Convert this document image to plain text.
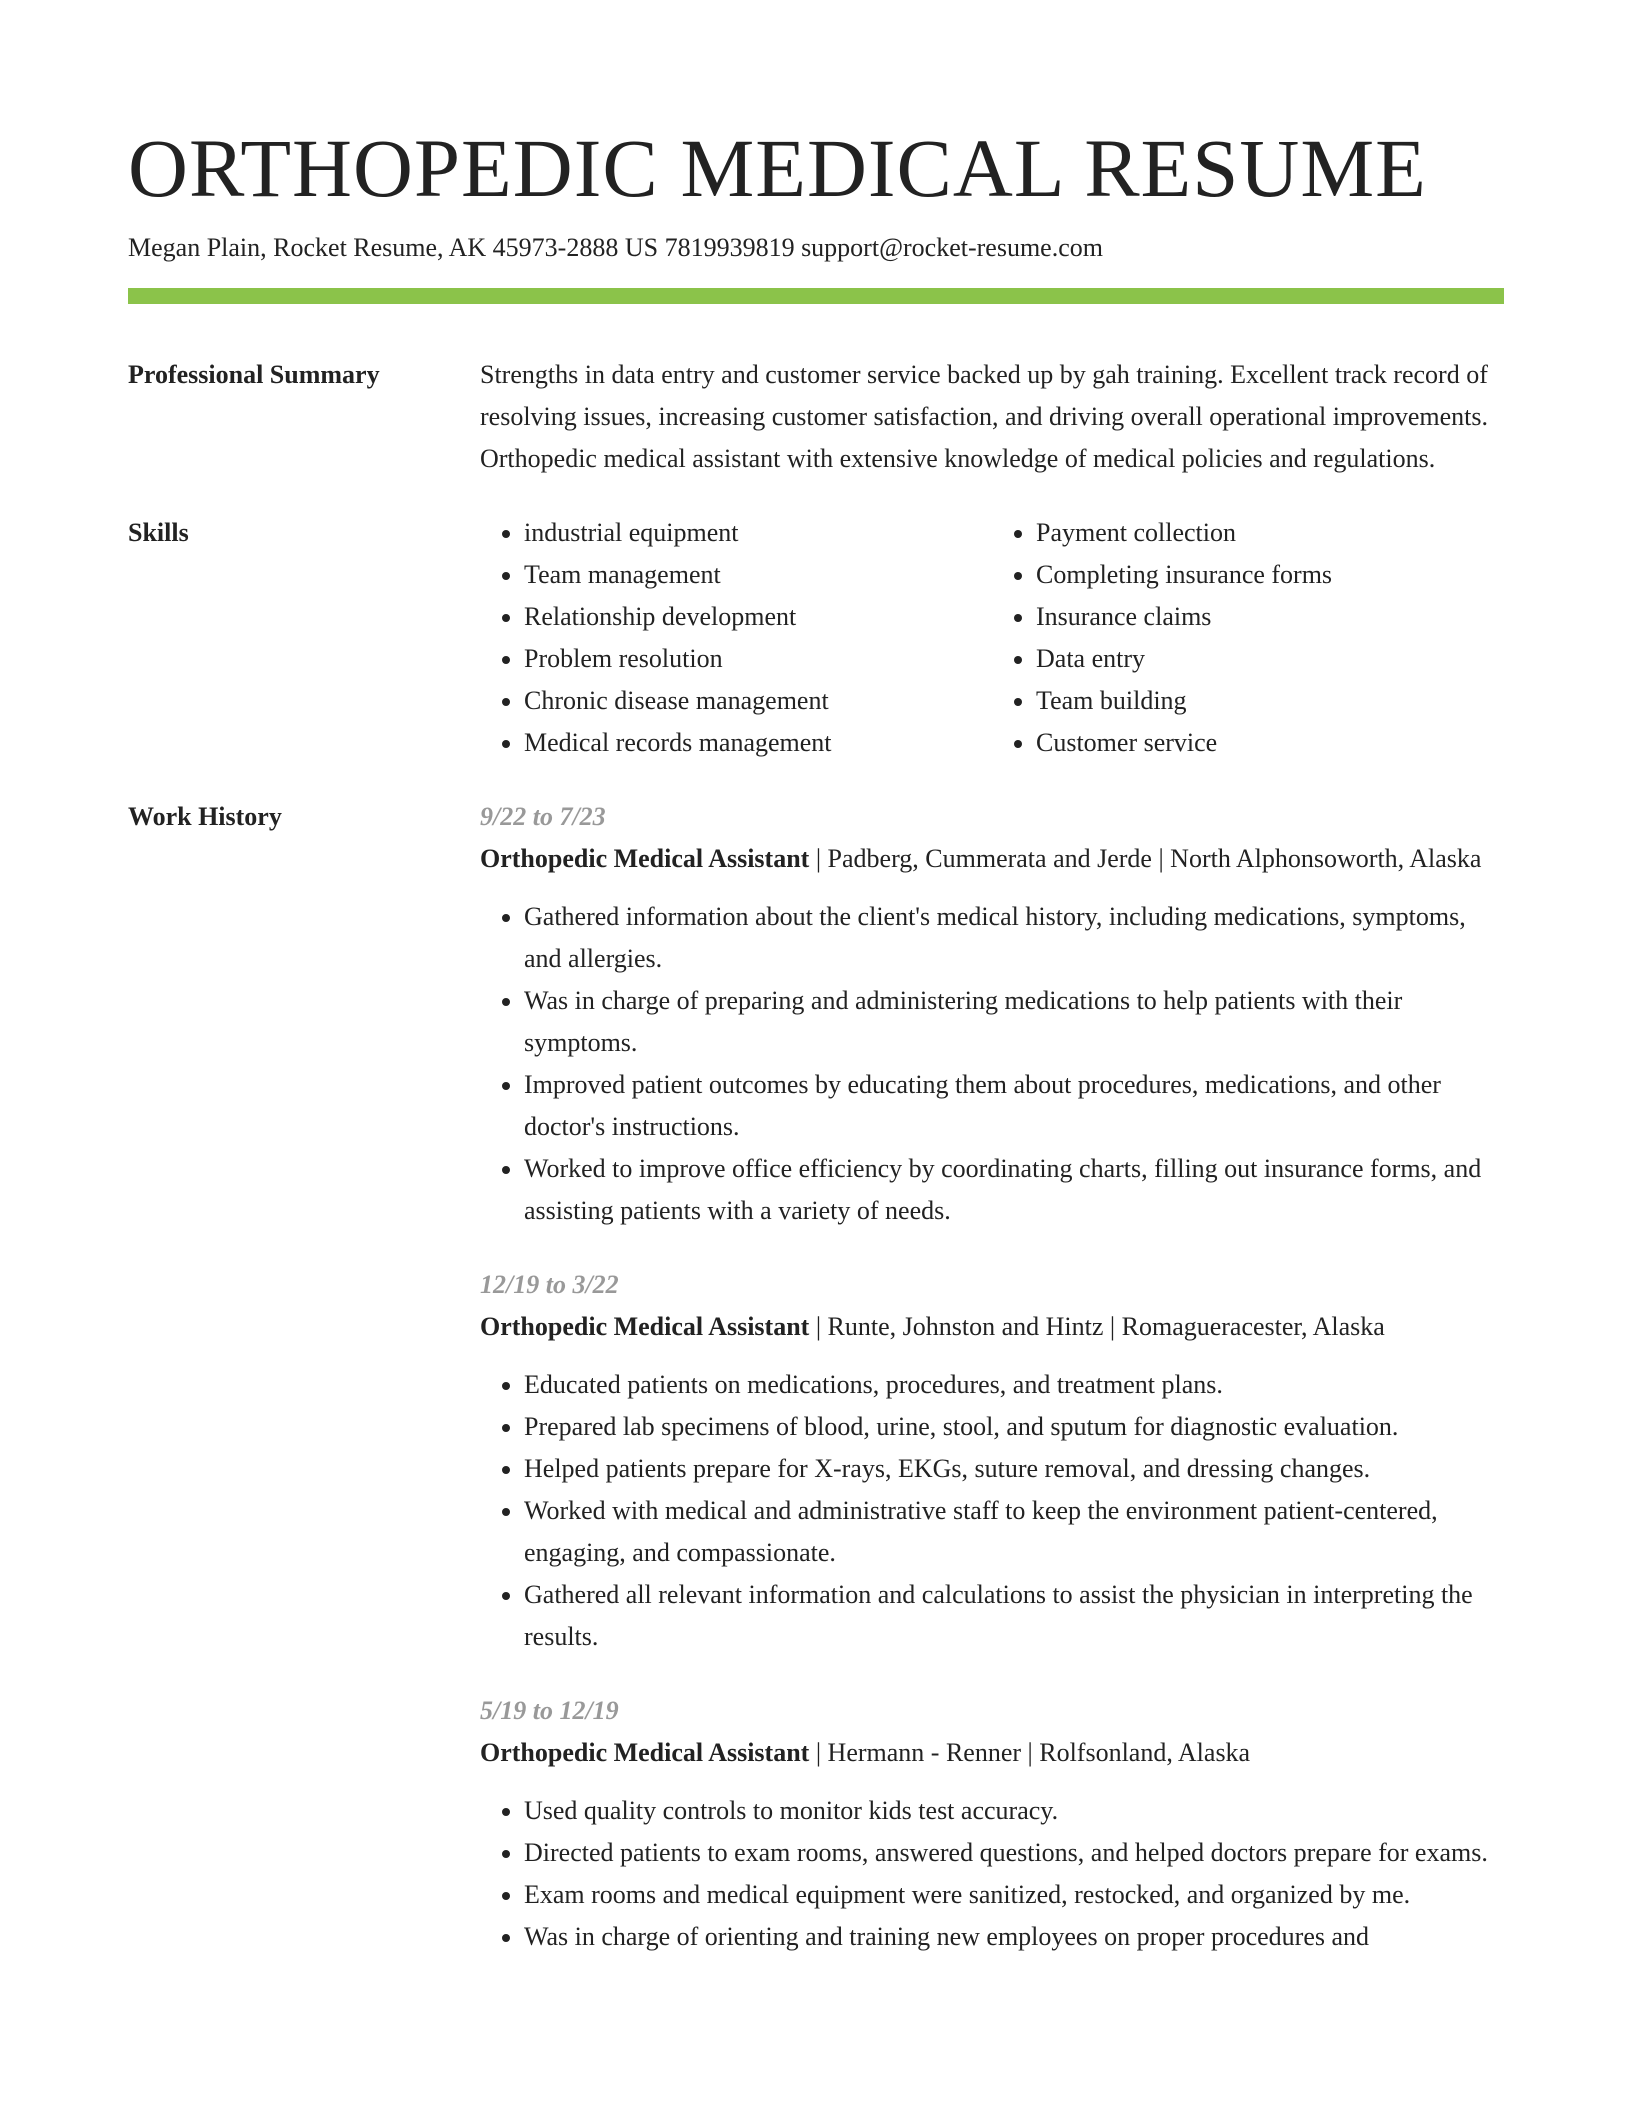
ORTHOPEDIC MEDICAL RESUME
Megan Plain, Rocket Resume, AK 45973-2888 US 7819939819 support@rocket-resume.com
Professional Summary	Strengths in data entry and customer service backed up by gah training. Excellent track record of resolving issues, increasing customer satisfaction, and driving overall operational improvements. Orthopedic medical assistant with extensive knowledge of medical policies and regulations.

Skills
•	industrial equipment
• Team management
• Relationship development
• Problem resolution
• Chronic disease management
• Medical records management
• Payment collection
• Completing insurance forms
• Insurance claims
• Data entry
• Team building
• Customer service
Work History	9/22 to 7/23
Orthopedic Medical Assistant | Padberg, Cummerata and Jerde | North Alphonsoworth, Alaska
• Gathered information about the client's medical history, including medications, symptoms, and allergies.
• Was in charge of preparing and administering medications to help patients with their symptoms.
• Improved patient outcomes by educating them about procedures, medications, and other doctor's instructions.
• Worked to improve office efficiency by coordinating charts, filling out insurance forms, and assisting patients with a variety of needs.
12/19 to 3/22
Orthopedic Medical Assistant | Runte, Johnston and Hintz | Romagueracester, Alaska
• Educated patients on medications, procedures, and treatment plans.
• Prepared lab specimens of blood, urine, stool, and sputum for diagnostic evaluation.
• Helped patients prepare for X-rays, EKGs, suture removal, and dressing changes.
• Worked with medical and administrative staff to keep the environment patient-centered, engaging, and compassionate.
• Gathered all relevant information and calculations to assist the physician in interpreting the results.
5/19 to 12/19
Orthopedic Medical Assistant | Hermann - Renner | Rolfsonland, Alaska
• Used quality controls to monitor kids test accuracy.
• Directed patients to exam rooms, answered questions, and helped doctors prepare for exams.
• Exam rooms and medical equipment were sanitized, restocked, and organized by me.
• Was in charge of orienting and training new employees on proper procedures and
